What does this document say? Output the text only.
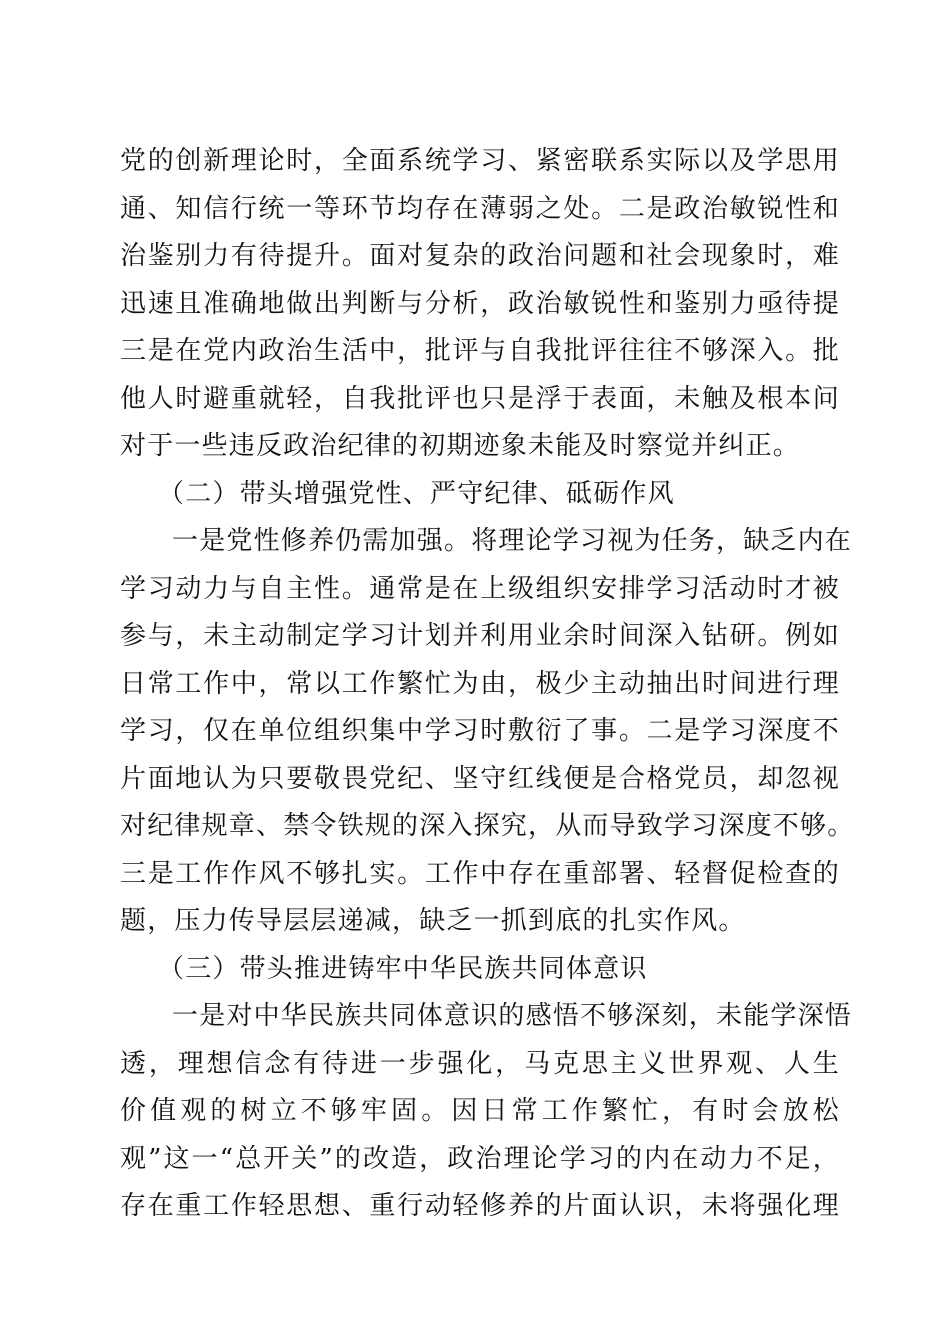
党的创新理论时，全面系统学习、紧密联系实际以及学思用
通、知信行统一等环节均存在薄弱之处。二是政治敏锐性和
治鉴别力有待提升。面对复杂的政治问题和社会现象时，难
迅速且准确地做出判断与分析，政治敏锐性和鉴别力亟待提
三是在党内政治生活中，批评与自我批评往往不够深入。批
他人时避重就轻，自我批评也只是浮于表面，未触及根本问
对于一些违反政治纪律的初期迹象未能及时察觉并纠正。
（二）带头增强党性、严守纪律、砥砺作风
一是党性修养仍需加强。将理论学习视为任务，缺乏内在
学习动力与自主性。通常是在上级组织安排学习活动时才被
参与，未主动制定学习计划并利用业余时间深入钻研。例如
日常工作中，常以工作繁忙为由，极少主动抽出时间进行理
学习，仅在单位组织集中学习时敷衍了事。二是学习深度不
片面地认为只要敬畏党纪、坚守红线便是合格党员，却忽视
对纪律规章、禁令铁规的深入探究，从而导致学习深度不够。
三是工作作风不够扎实。工作中存在重部署、轻督促检查的
题，压力传导层层递减，缺乏一抓到底的扎实作风。
（三）带头推进铸牢中华民族共同体意识
一是对中华民族共同体意识的感悟不够深刻，未能学深悟
透，理想信念有待进一步强化，马克思主义世界观、人生
价值观的树立不够牢固。因日常工作繁忙，有时会放松
观”这一“总开关”的改造，政治理论学习的内在动力不足，
存在重工作轻思想、重行动轻修养的片面认识，未将强化理
